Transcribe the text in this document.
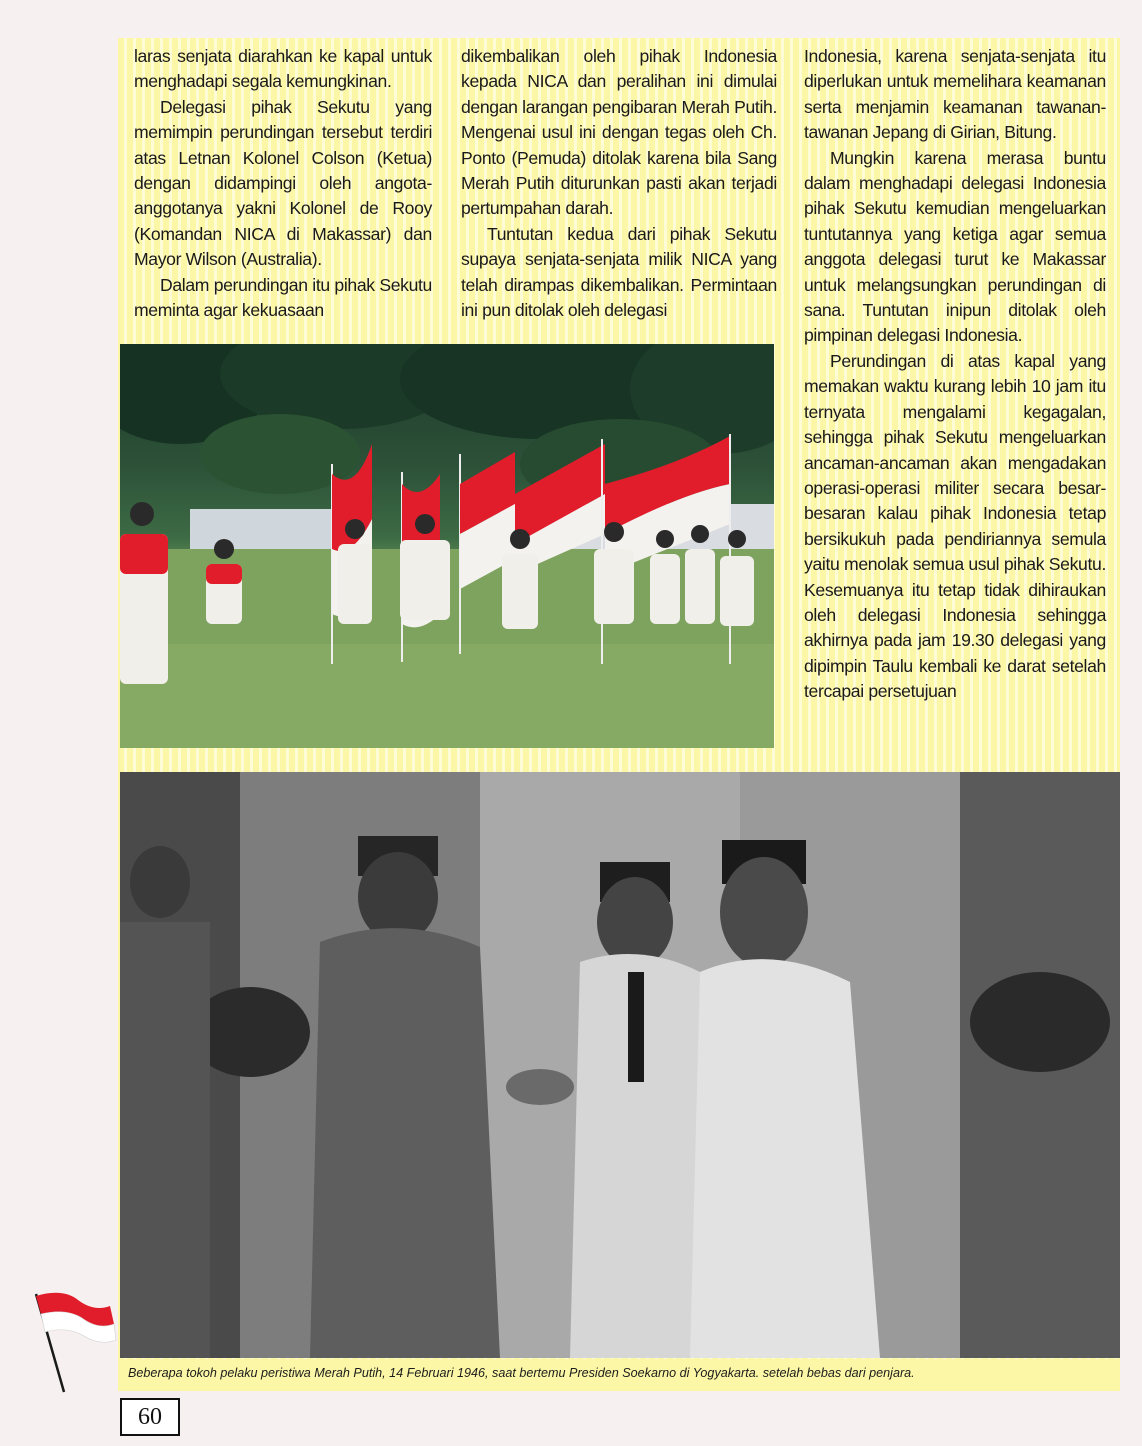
laras senjata diarahkan ke kapal untuk menghadapi segala kemungkinan.

Delegasi pihak Sekutu yang memimpin perundingan tersebut terdiri atas Letnan Kolonel Colson (Ketua) dengan didampingi oleh angota-anggotanya yakni Kolonel de Rooy (Komandan NICA di Makassar) dan Mayor Wilson (Australia).

Dalam perundingan itu pihak Sekutu meminta agar kekuasaan

dikembalikan oleh pihak Indonesia kepada NICA dan peralihan ini dimulai dengan larangan pengibaran Merah Putih. Mengenai usul ini dengan tegas oleh Ch. Ponto (Pemuda) ditolak karena bila Sang Merah Putih diturunkan pasti akan terjadi pertumpahan darah.

Tuntutan kedua dari pihak Sekutu supaya senjata-senjata milik NICA yang telah dirampas dikembalikan. Permintaan ini pun ditolak oleh delegasi

Indonesia, karena senjata-senjata itu diperlukan untuk memelihara keamanan serta menjamin keamanan tawanan-tawanan Jepang di Girian, Bitung.

Mungkin karena merasa buntu dalam menghadapi delegasi Indonesia pihak Sekutu kemudian mengeluarkan tuntutannya yang ketiga agar semua anggota delegasi turut ke Makassar untuk melangsungkan perundingan di sana. Tuntutan inipun ditolak oleh pimpinan delegasi Indonesia.

Perundingan di atas kapal yang memakan waktu kurang lebih 10 jam itu ternyata mengalami kegagalan, sehingga pihak Sekutu mengeluarkan ancaman-ancaman akan mengadakan operasi-operasi militer secara besar-besaran kalau pihak Indonesia tetap bersikukuh pada pendiriannya semula yaitu menolak semua usul pihak Sekutu. Kesemuanya itu tetap tidak dihiraukan oleh delegasi Indonesia sehingga akhirnya pada jam 19.30 delegasi yang dipimpin Taulu kembali ke darat setelah tercapai persetujuan

Beberapa tokoh pelaku peristiwa Merah Putih, 14 Februari 1946, saat bertemu Presiden Soekarno di Yogyakarta. setelah bebas dari penjara.
60
